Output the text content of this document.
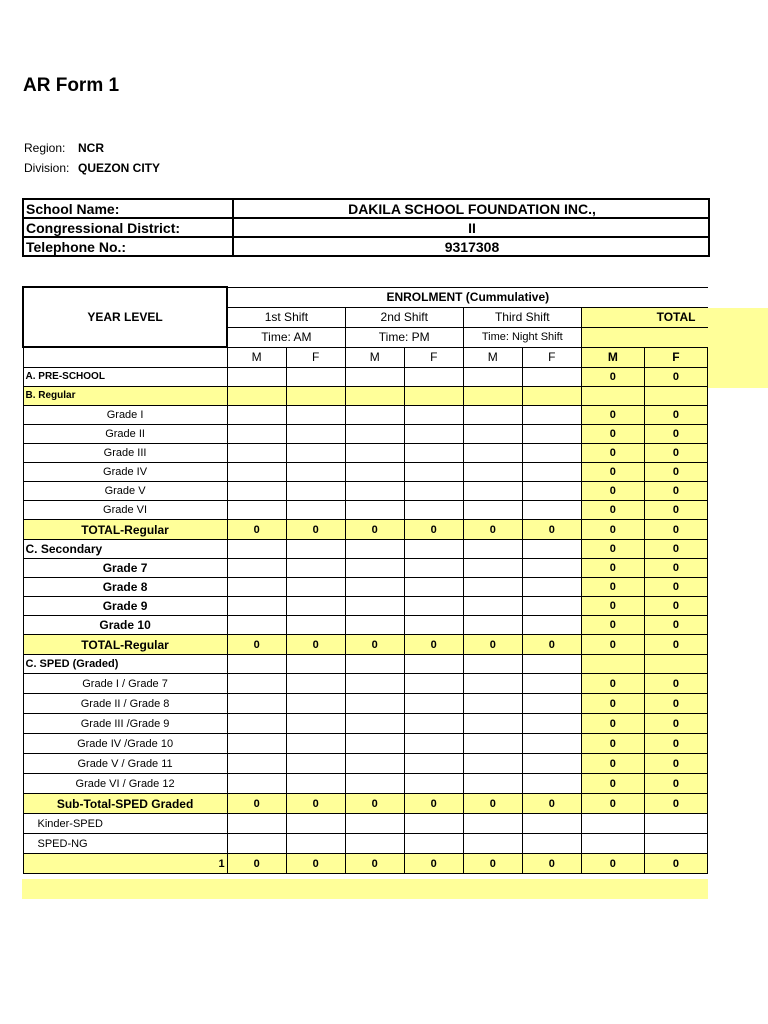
AR Form 1
Region: NCR
Division: QUEZON CITY
School Name:	DAKILA SCHOOL FOUNDATION INC.,
Congressional District:	II
Telephone No.:	9317308
YEAR LEVEL	ENROLMENT (Cummulative)							
	1st Shift		2nd Shift		Third Shift		TOTAL	
	Time: AM		Time: PM		Time: Night Shift			
	M	F	M	F	M	F	M	F
A. PRE-SCHOOL							0	0
B. Regular								
Grade I							0	0
Grade II							0	0
Grade III							0	0
Grade IV							0	0
Grade V							0	0
Grade VI							0	0
TOTAL-Regular	0	0	0	0	0	0	0	0
C. Secondary							0	0
Grade 7							0	0
Grade 8							0	0
Grade 9							0	0
Grade 10							0	0
TOTAL-Regular	0	0	0	0	0	0	0	0
C. SPED (Graded)								
Grade I / Grade 7							0	0
Grade II / Grade 8							0	0
Grade III /Grade 9							0	0
Grade IV /Grade 10							0	0
Grade V / Grade 11							0	0
Grade VI / Grade 12							0	0
Sub-Total-SPED Graded	0	0	0	0	0	0	0	0
Kinder-SPED								
SPED-NG								
1	0	0	0	0	0	0	0	0
